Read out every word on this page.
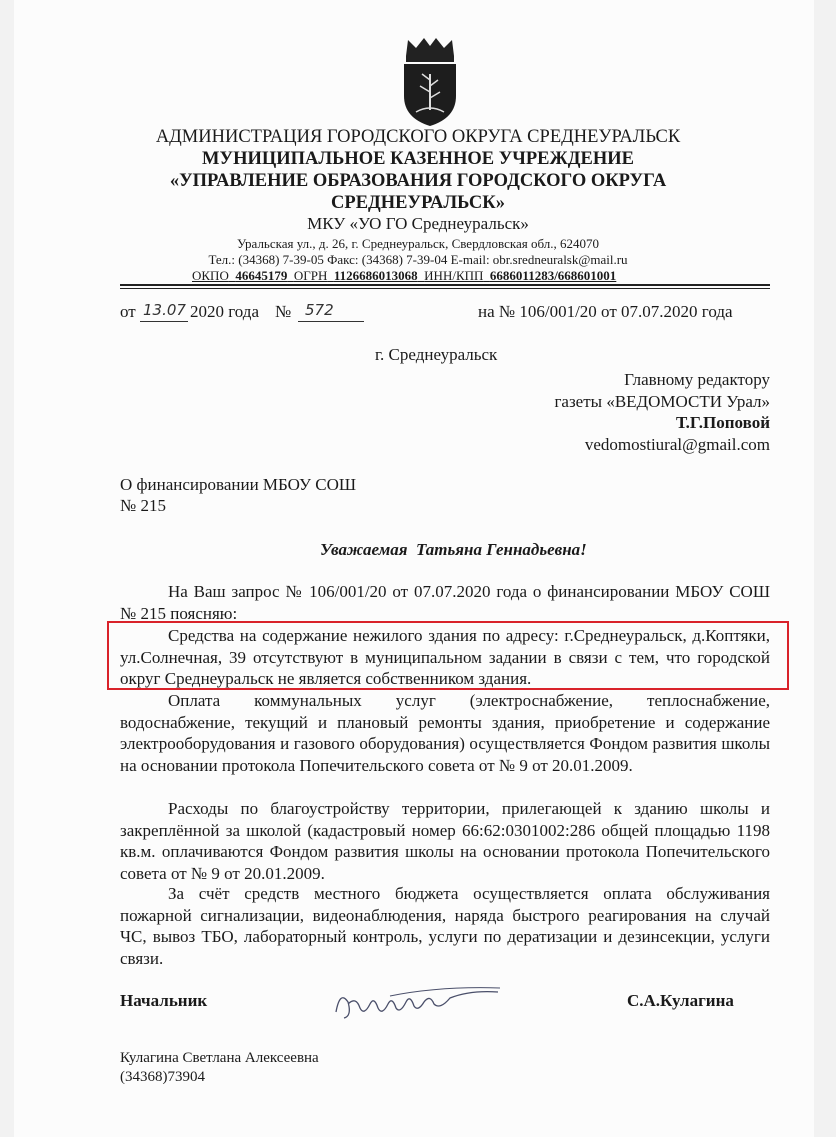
АДМИНИСТРАЦИЯ ГОРОДСКОГО ОКРУГА СРЕДНЕУРАЛЬСК
МУНИЦИПАЛЬНОЕ КАЗЕННОЕ УЧРЕЖДЕНИЕ
«УПРАВЛЕНИЕ ОБРАЗОВАНИЯ ГОРОДСКОГО ОКРУГА
СРЕДНЕУРАЛЬСК»
МКУ «УО ГО Среднеуральск»
Уральская ул., д. 26, г. Среднеуральск, Свердловская обл., 624070
Тел.: (34368) 7-39-05 Факс: (34368) 7-39-04 E-mail: obr.sredneuralsk@mail.ru
ОКПО 46645179 ОГРН 1126686013068 ИНН/КПП 6686011283/668601001
от 13.07 2020 года № 572	на № 106/001/20 от 07.07.2020 года
г. Среднеуральск
Главному редактору
газеты «ВЕДОМОСТИ Урал»
Т.Г.Поповой
vedomostiural@gmail.com
О финансировании МБОУ СОШ
№ 215
Уважаемая  Татьяна Геннадьевна!
На Ваш запрос № 106/001/20 от 07.07.2020 года о финансировании МБОУ СОШ № 215 поясняю:
Средства на содержание нежилого здания по адресу: г.Среднеуральск, д.Коптяки, ул.Солнечная, 39 отсутствуют в муниципальном задании в связи с тем, что городской округ Среднеуральск не является собственником здания.
Оплата коммунальных услуг (электроснабжение, теплоснабжение, водоснабжение, текущий и плановый ремонты здания, приобретение и содержание электрооборудования и газового оборудования) осуществляется Фондом развития школы на основании протокола Попечительского совета от № 9 от 20.01.2009.
Расходы по благоустройству территории, прилегающей к зданию школы и закреплённой за школой (кадастровый номер 66:62:0301002:286 общей площадью 1198 кв.м. оплачиваются Фондом развития школы на основании протокола Попечительского совета от № 9 от 20.01.2009.
За счёт средств местного бюджета осуществляется оплата обслуживания пожарной сигнализации, видеонаблюдения, наряда быстрого реагирования на случай ЧС, вывоз ТБО, лабораторный контроль, услуги по дератизации и дезинсекции, услуги связи.
Начальник	С.А.Кулагина
Кулагина Светлана Алексеевна
(34368)73904
